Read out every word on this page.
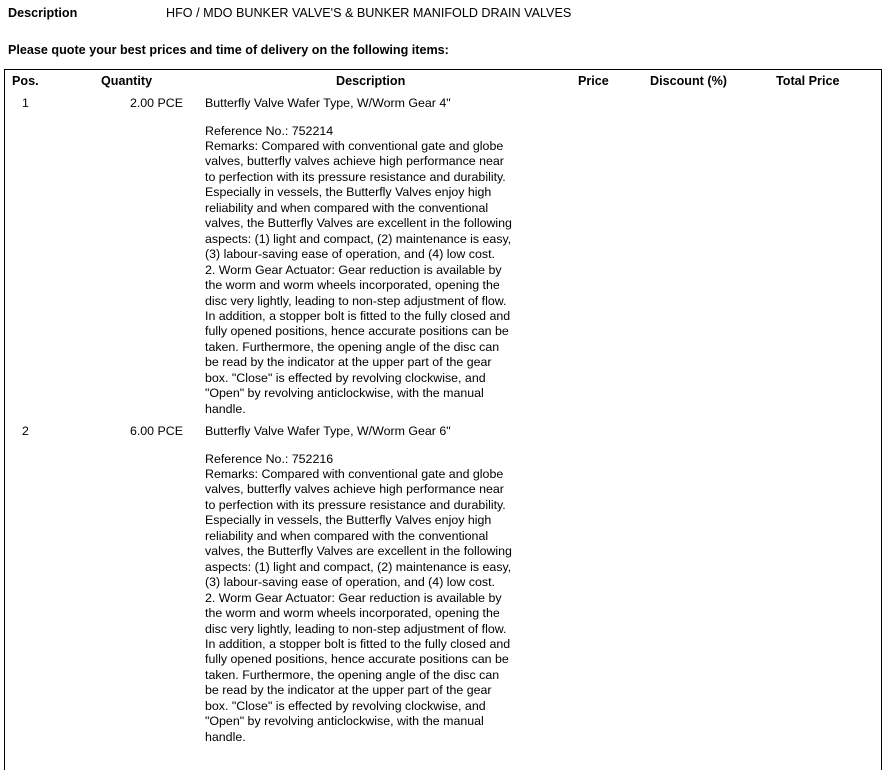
Description	HFO / MDO BUNKER VALVE'S & BUNKER MANIFOLD DRAIN VALVES
Please quote your best prices and time of delivery on the following items:
Pos.	Quantity	Description	Price	Discount (%)	Total Price
1	2.00 PCE Butterfly Valve Wafer Type, W/Worm Gear 4"
Reference No.: 752214
Remarks: Compared with conventional gate and globe
valves, butterfly valves achieve high performance near
to perfection with its pressure resistance and durability.
Especially in vessels, the Butterfly Valves enjoy high
reliability and when compared with the conventional
valves, the Butterfly Valves are excellent in the following
aspects: (1) light and compact, (2) maintenance is easy,
(3) labour-saving ease of operation, and (4) low cost.
2. Worm Gear Actuator: Gear reduction is available by
the worm and worm wheels incorporated, opening the
disc very lightly, leading to non-step adjustment of flow.
In addition, a stopper bolt is fitted to the fully closed and
fully opened positions, hence accurate positions can be
taken. Furthermore, the opening angle of the disc can
be read by the indicator at the upper part of the gear
box. "Close" is effected by revolving clockwise, and
"Open" by revolving anticlockwise, with the manual
handle.
2	6.00 PCE Butterfly Valve Wafer Type, W/Worm Gear 6"
Reference No.: 752216
Remarks: Compared with conventional gate and globe
valves, butterfly valves achieve high performance near
to perfection with its pressure resistance and durability.
Especially in vessels, the Butterfly Valves enjoy high
reliability and when compared with the conventional
valves, the Butterfly Valves are excellent in the following
aspects: (1) light and compact, (2) maintenance is easy,
(3) labour-saving ease of operation, and (4) low cost.
2. Worm Gear Actuator: Gear reduction is available by
the worm and worm wheels incorporated, opening the
disc very lightly, leading to non-step adjustment of flow.
In addition, a stopper bolt is fitted to the fully closed and
fully opened positions, hence accurate positions can be
taken. Furthermore, the opening angle of the disc can
be read by the indicator at the upper part of the gear
box. "Close" is effected by revolving clockwise, and
"Open" by revolving anticlockwise, with the manual
handle.
